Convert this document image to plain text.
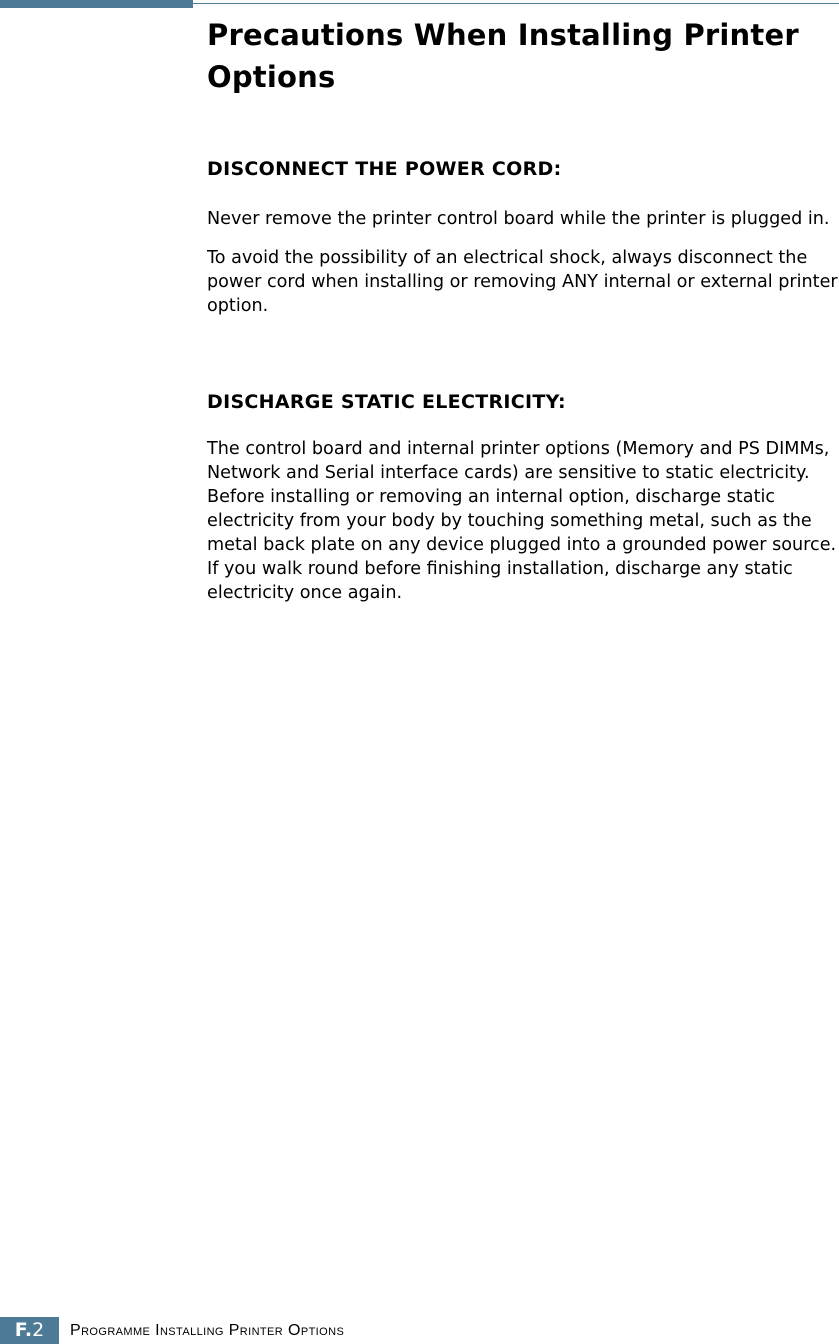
Precautions When Installing Printer Options
DISCONNECT THE POWER CORD:

Never remove the printer control board while the printer is plugged in.

To avoid the possibility of an electrical shock, always disconnect the power cord when installing or removing ANY internal or external printer option.

DISCHARGE STATIC ELECTRICITY:

The control board and internal printer options (Memory and PS DIMMs, Network and Serial interface cards) are sensitive to static electricity. Before installing or removing an internal option, discharge static electricity from your body by touching something metal, such as the metal back plate on any device plugged into a grounded power source. If you walk round before finishing installation, discharge any static electricity once again.

F.2	Programme Installing Printer Options
